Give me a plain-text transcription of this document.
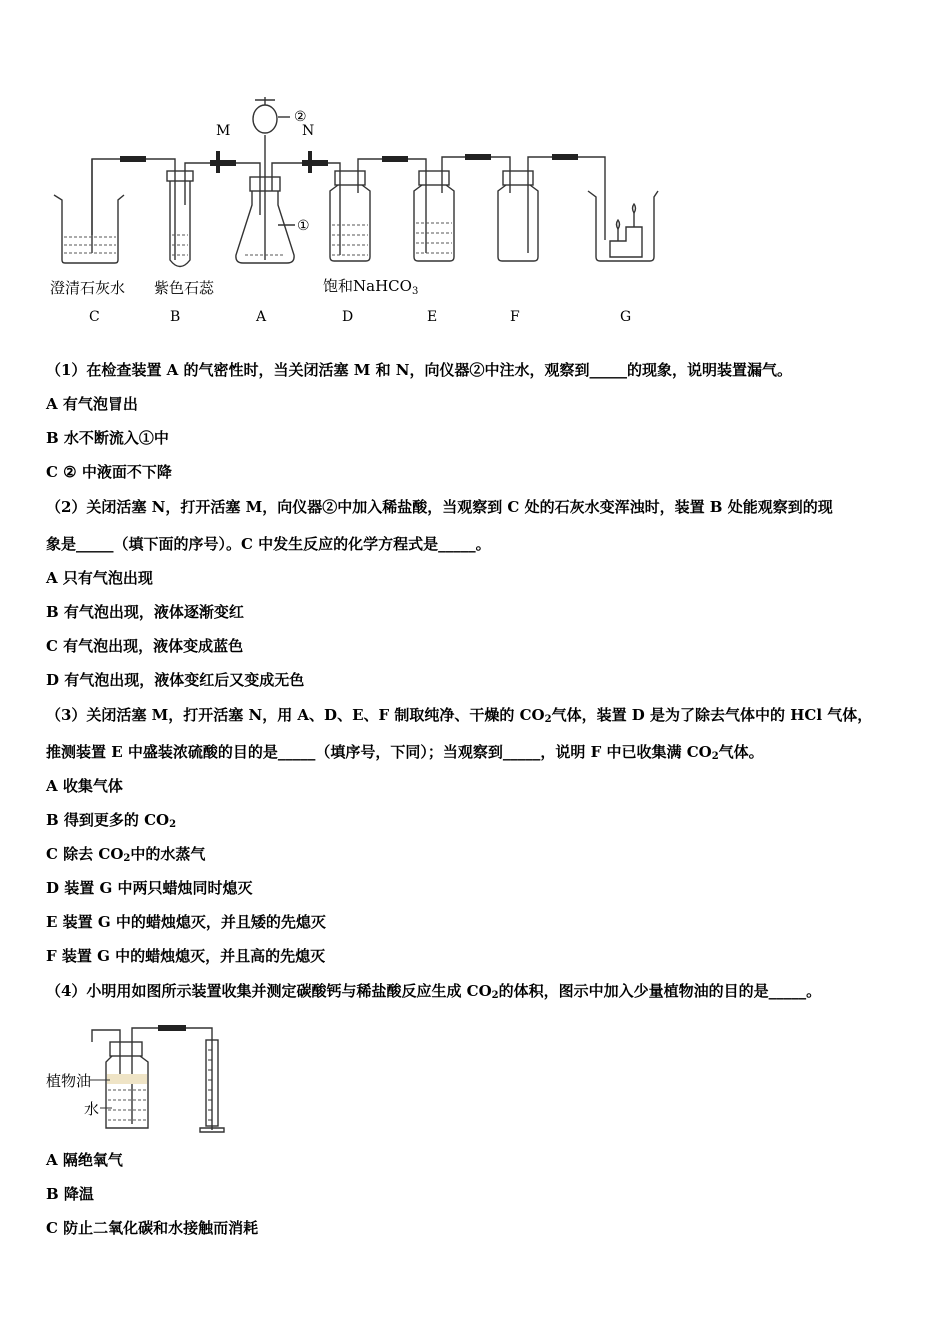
M	N
②
①
澄清石灰水 紫色石蕊	饱和NaHCO$_3$
C	B	A	D	E	F	G
（1）在检查装置 A 的气密性时，当关闭活塞 M 和 N，向仪器②中注水，观察到_____的现象，说明装置漏气。
A 有气泡冒出
B 水不断流入①中
C ② 中液面不下降
（2）关闭活塞 N，打开活塞 M，向仪器②中加入稀盐酸，当观察到 C 处的石灰水变浑浊时，装置 B 处能观察到的现
象是_____（填下面的序号）。C 中发生反应的化学方程式是_____。
A 只有气泡出现
B 有气泡出现，液体逐渐变红
C 有气泡出现，液体变成蓝色
D 有气泡出现，液体变红后又变成无色
（3）关闭活塞 M，打开活塞 N，用 A、D、E、F 制取纯净、干燥的 $CO_2$气体，装置 D 是为了除去气体中的 HCl 气体，
推测装置 E 中盛装浓硫酸的目的是_____（填序号，下同）；当观察到_____，说明 F 中已收集满 $CO_2$气体。
A 收集气体
B 得到更多的 $CO_2$
C 除去 $CO_2$中的水蒸气
D 装置 G 中两只蜡烛同时熄灭
E 装置 G 中的蜡烛熄灭，并且矮的先熄灭
F 装置 G 中的蜡烛熄灭，并且高的先熄灭
（4）小明用如图所示装置收集并测定碳酸钙与稀盐酸反应生成 $CO_2$的体积，图示中加入少量植物油的目的是_____。
植物油
水
A 隔绝氧气
B 降温
C 防止二氧化碳和水接触而消耗
